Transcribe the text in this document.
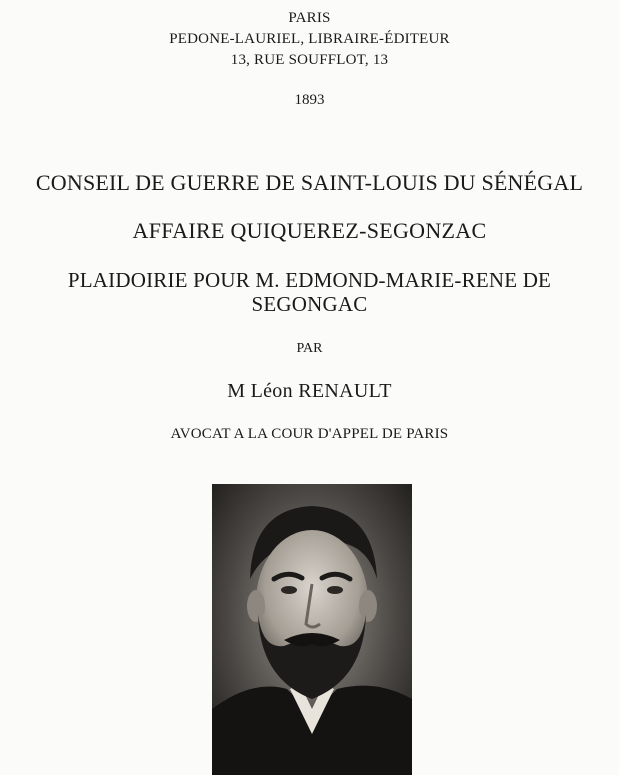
PARIS
PEDONE-LAURIEL, LIBRAIRE-ÉDITEUR
13, RUE SOUFFLOT, 13
1893
CONSEIL DE GUERRE DE SAINT-LOUIS DU SÉNÉGAL
AFFAIRE QUIQUEREZ-SEGONZAC
PLAIDOIRIE POUR M. EDMOND-MARIE-RENE DE
SEGONGAC
PAR
M Léon RENAULT
AVOCAT A LA COUR D'APPEL DE PARIS
